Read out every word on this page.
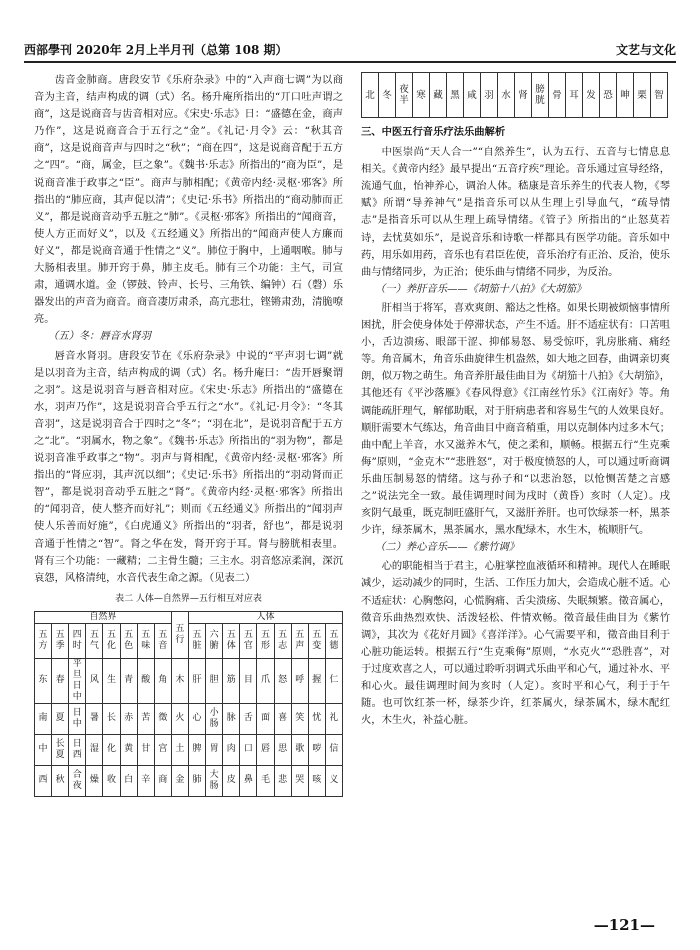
西部學刊 2020年 2月上半月刊（总第 108 期）	文艺与文化

齿音金肺商。唐段安节《乐府杂录》中的“入声商七调”为以商音为主音，结声构成的调（式）名。杨升庵所指出的“丌口吐声谓之商”，这是说商音与齿音相对应。《宋史·乐志》日：“盛德在金，商声乃作”，这是说商音合于五行之“金”。《礼记·月令》云：“秋其音商”，这是说商音声与四时之“秋”；“商在四”，这是说商音配于五方之“四”。“商，属金，巨之象”。《魏书·乐志》所指出的“商为臣”，是说商音准于政事之“臣”。商声与肺相配；《黄帝内经·灵枢·邪客》所指出的“肺应商，其声促以清”；《史记·乐书》所指出的“商动肺而正义”，都是说商音动乎五脏之“肺”。《灵枢·邪客》所指出的“闻商音，使人方正而好义”，以及《五经通义》所指出的“闻商声使人方廉而好义”，都是说商音通于性情之“义”。肺位于胸中，上通咽喉。肺与大肠相表里。肺开窍于鼻，肺主皮毛。肺有三个功能：主气，司宣肃，通调水道。金（锣鼓、铃声、长号、三角铁、编钟）石（磬）乐器发出的声音为商音。商音凄厉肃杀，高亢悲壮，铿锵肃劲，清脆嘹亮。

（五）冬：唇音水肾羽

唇音水肾羽。唐段安节在《乐府杂录》中说的“平声羽七调”就是以羽音为主音，结声构成的调（式）名。杨升庵曰：“齿开唇聚谓之羽”。这是说羽音与唇音相对应。《宋史·乐志》所指出的“盛德在水，羽声乃作”，这是说羽音合乎五行之“水”。《礼记·月令》：“冬其音羽”，这是说羽音合于四时之“冬”；“羽在北”，是说羽音配于五方之“北”。“羽属水，物之象”。《魏书·乐志》所指出的“羽为物”，都是说羽音准乎政事之“物”。羽声与肾相配，《黄帝内经·灵枢·邪客》所指出的“肾应羽，其声沉以细”；《史记·乐书》所指出的“羽动肾而正智”，都是说羽音动乎五脏之“肾”。《黄帝内经·灵枢·邪客》所指出的“闻羽音，使人整齐而好礼”；则而《五经通义》所指出的“闻羽声使人乐善而好施”，《白虎通义》所指出的“羽者，舒也”，都是说羽音通于性情之“智”。肾之华在发，肾开窍于耳。肾与膀胱相表里。肾有三个功能：一藏精；二主骨生髓；三主水。羽音悠凉柔润，深沉哀怨，风格清纯，水音代表生命之源。（见表二）

表二 人体—自然界—五行相互对应表
自然界								五行	人体								
五方	五季	四时	五气	五化	五色	五味	五音		五脏	六腑	五体	五官	五形	五志	五声	五变	五德
东	春	平旦日中	风	生	青	酸	角	木	肝	胆	筋	目	爪	怒	呼	握	仁
南	夏	日中	暑	长	赤	苦	徵	火	心	小肠	脉	舌	面	喜	笑	忧	礼
中	长夏	日西	湿	化	黄	甘	宫	土	脾	胃	肉	口	唇	思	歌	哕	信
西	秋	合夜	燥	收	白	辛	商	金	肺	大肠	皮	鼻	毛	悲	哭	咳	义
北	冬	夜半	寒	藏	黑	咸	羽	水	肾	膀胱	骨	耳	发	恐	呻	栗	智
三、中医五行音乐疗法乐曲解析

中医崇尚“天人合一”“自然养生”，认为五行、五音与七情息息相关。《黄帝内经》最早提出“五音疗疾”理论。音乐通过宣导经络，流通气血，怡神养心，调治人体。嵇康是音乐养生的代表人物，《琴赋》所谓“导养神气”是指音乐可以从生理上引导血气，“疏导情志”是指音乐可以从生理上疏导情绪。《管子》所指出的“止怒莫若诗，去忧莫如乐”，是说音乐和诗歌一样都具有医学功能。音乐如中药，用乐如用药，音乐也有君臣佐使，音乐治疗有正治、反治，使乐曲与情绪同步，为正治；使乐曲与情绪不同步，为反治。

（一）养肝音乐——《胡笳十八拍》《大胡笳》

肝相当于将军，喜欢爽朗、豁达之性格。如果长期被烦恼事情所困扰，肝会使身体处于停滞状态，产生不适。肝不适症状有：口苦咀小，舌边溃疡、眼部干涩、抑郁易怒、易受惊吓，乳房胀痛、痛经等。角音属木，角音乐曲旋律生机盎然，如大地之回春，曲调亲切爽朗，似万物之萌生。角音养肝最佳曲目为《胡笳十八拍》《大胡笳》，其他还有《平沙落雁》《春风得意》《江南丝竹乐》《江南好》等。角调能疏肝理气，解郁助眠，对于肝病患者和容易生气的人效果良好。顺肝需要木气练达，角音曲目中商音稍重，用以克制体内过多木气；曲中配上羊音，水又滋养木气，使之柔和，顺畅。根据五行“生克乘侮”原则，“金克木”“悲胜怒”，对于极度愤怒的人，可以通过听商调乐曲压制易怒的情绪。这与孙子和“以悲治怒，以怆恻苦楚之言感之”说法完全一致。最佳调理时间为戌时（黄昏）亥时（人定）。戌亥阴气最重，既克制旺盛肝气，又滋肝养肝。也可饮绿茶一杯，黑茶少许，绿茶属木，黑茶属水，黑水配绿木，水生木，梳顺肝气。

（二）养心音乐——《紫竹调》

心的职能相当于君主，心脏掌控血液循环和精神。现代人在睡眠减少，运动减少的同时，生活、工作压力加大，会造成心脏不适。心不适症状：心胸憋闷，心慌胸痛、舌尖溃疡、失眠频繁。徵音属心，徵音乐曲热烈欢快、活泼轻松、件情欢畅。徵音最佳曲目为《紫竹调》，其次为《花好月圆》《喜洋洋》。心气需要平和，徵音曲目利于心脏功能运转。根据五行“生克乘侮”原则，“水克火”“恐胜喜”，对于过度欢喜之人，可以通过聆听羽调式乐曲平和心气，通过补水、平和心火。最佳调理时间为亥时（人定）。亥时平和心气，利于于午随。也可饮红茶一杯，绿茶少许，红茶属火，绿茶属木，绿木配红火，木生火，补益心脏。

—121—
